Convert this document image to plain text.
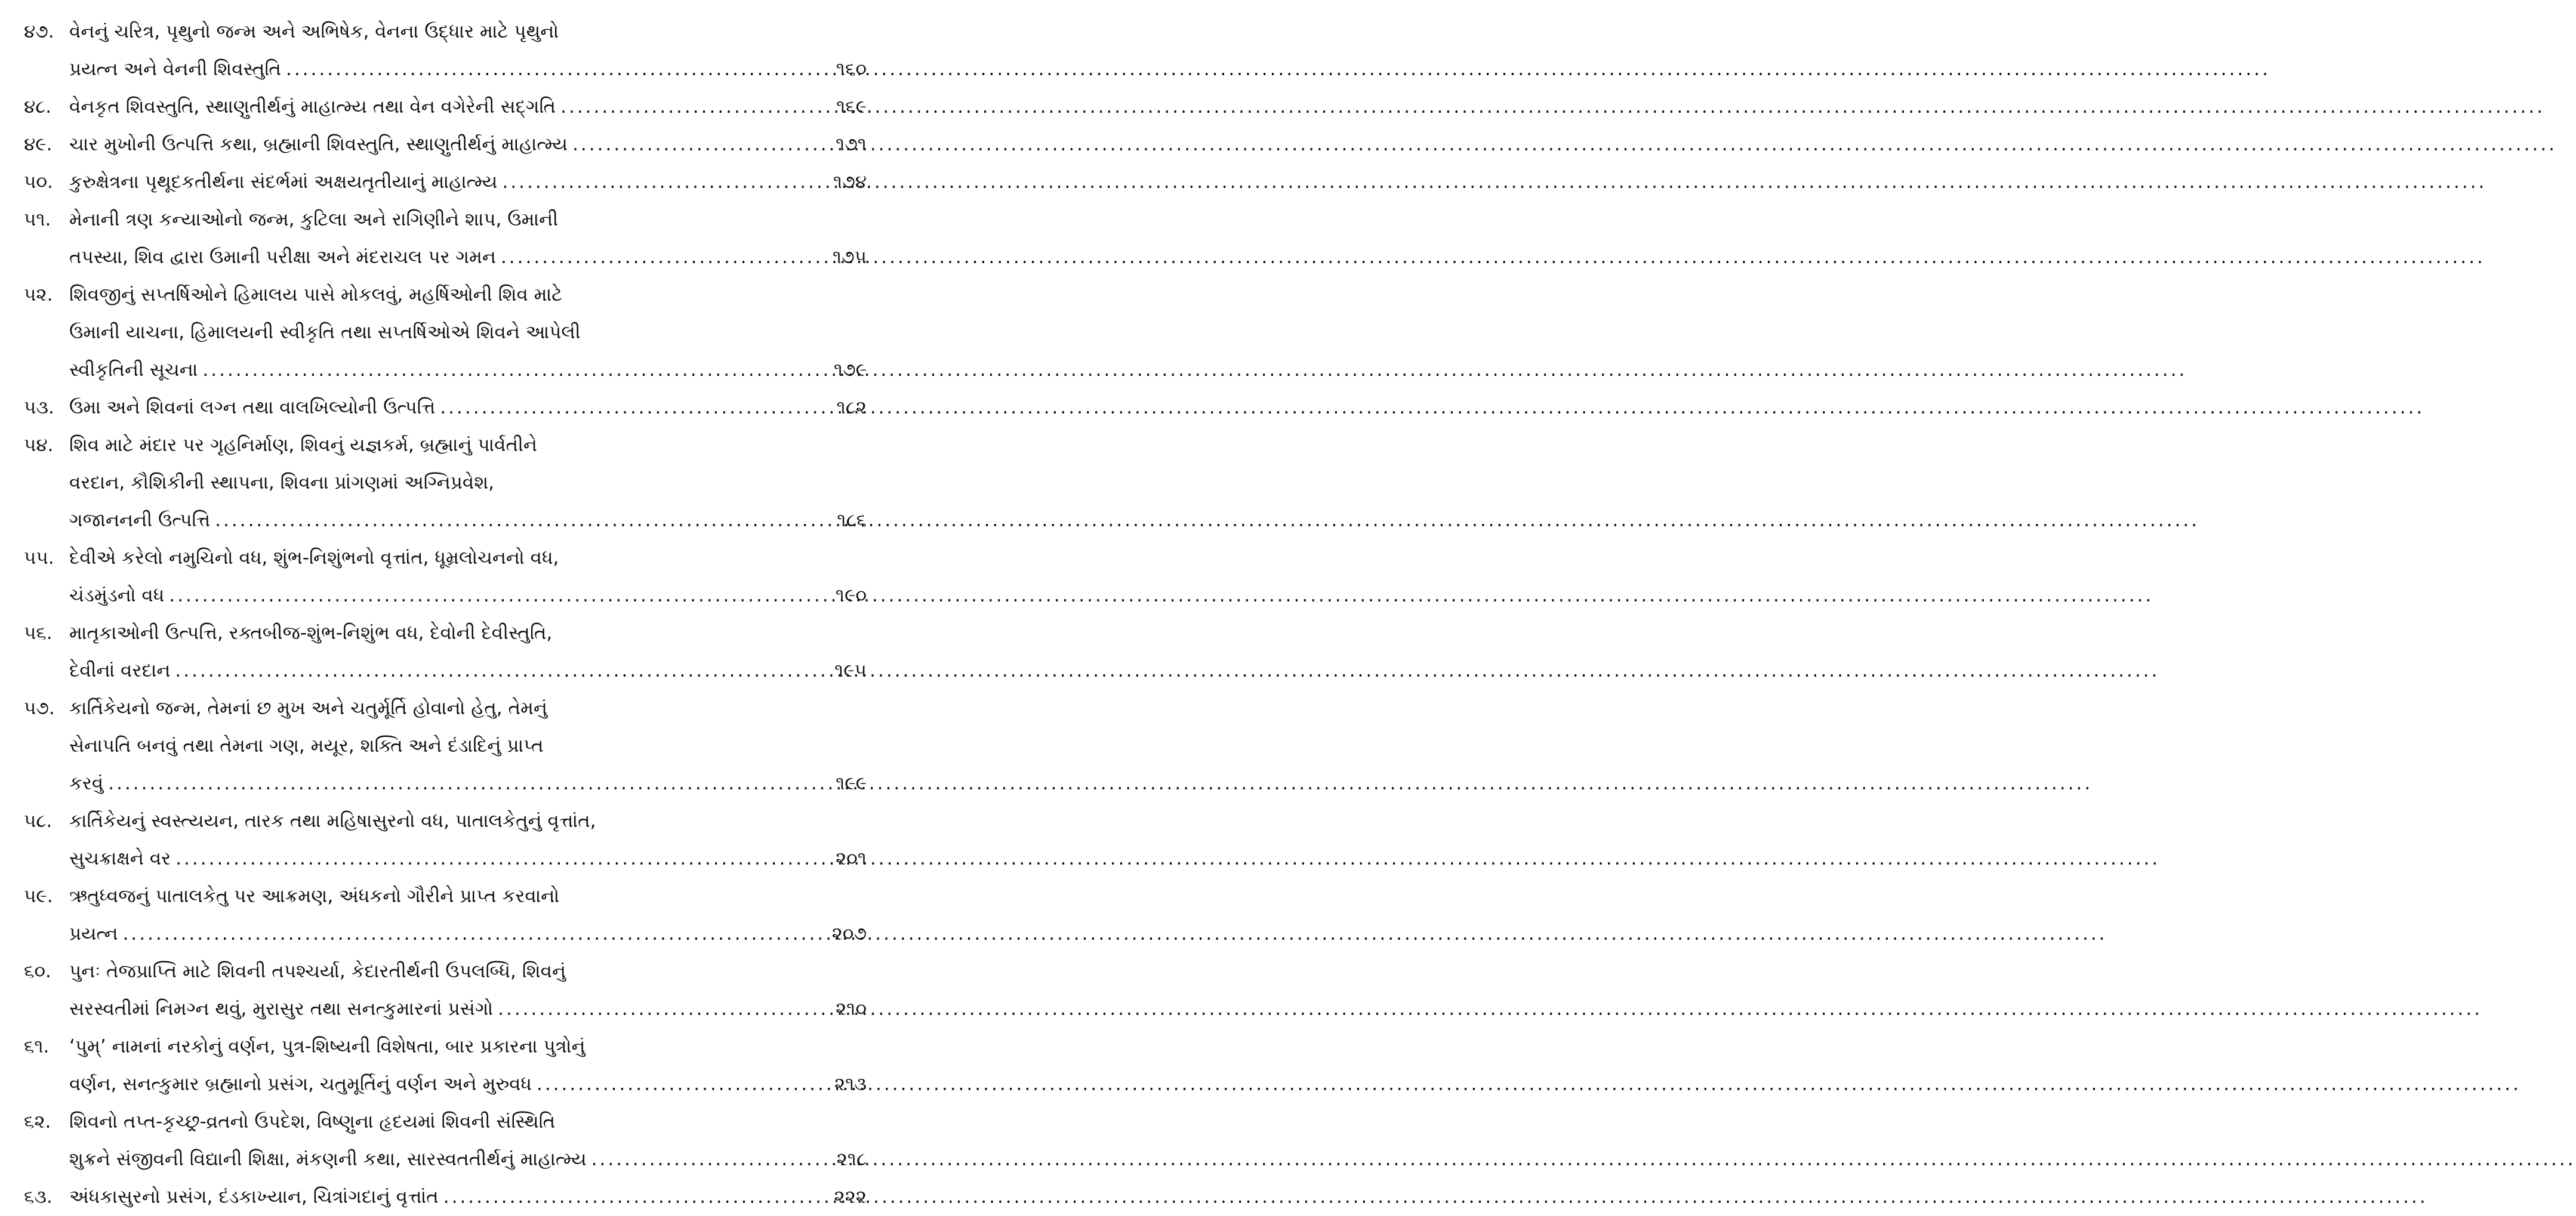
૪૭. વેનનું ચરિત્ર, પૃથુનો જન્મ અને અભિષેક, વેનના ઉદ્ધાર માટે પૃથુનો
પ્રયત્ન અને વેનની શિવસ્તુતિ .....	૧૬૦
૪૮. વેનકૃત શિવસ્તુતિ, સ્થાણુતીર્થનું માહાત્મ્ય તથા વેન વગેરેની સદ્ગતિ .....	૧૬૯
૪૯. ચાર મુખોની ઉત્પત્તિ કથા, બ્રહ્માની શિવસ્તુતિ, સ્થાણુતીર્થનું માહાત્મ્ય .....	૧૭૧
૫૦. કુરુક્ષેત્રના પૃથૂદકતીર્થના સંદર્ભમાં અક્ષયતૃતીયાનું માહાત્મ્ય .....	૧૭૪
૫૧. મેનાની ત્રણ કન્યાઓનો જન્મ, કુટિલા અને રાગિણીને શાપ, ઉમાની
તપસ્યા, શિવ દ્વારા ઉમાની પરીક્ષા અને મંદરાચલ પર ગમન .....	૧૭૫
૫૨. શિવજીનું સપ્તર્ષિઓને હિમાલય પાસે મોકલવું, મહર્ષિઓની શિવ માટે
ઉમાની યાચના, હિમાલયની સ્વીકૃતિ તથા સપ્તર્ષિઓએ શિવને આપેલી
સ્વીકૃતિની સૂચના .....	૧૭૯
૫૩. ઉમા અને શિવનાં લગ્ન તથા વાલખિલ્યોની ઉત્પત્તિ .....	૧૮૨
૫૪. શિવ માટે મંદાર પર ગૃહનિર્માણ, શિવનું યજ્ઞકર્મ, બ્રહ્માનું પાર્વતીને
વરદાન, કૌશિકીની સ્થાપના, શિવના પ્રાંગણમાં અગ્નિપ્રવેશ,
ગજાનનની ઉત્પત્તિ .....	૧૮૬
૫૫. દેવીએ કરેલો નમુચિનો વધ, શુંભ-નિશુંભનો વૃત્તાંત, ધૂમ્રલોચનનો વધ,
ચંડમુંડનો વધ .....	૧૯૦
૫૬. માતૃકાઓની ઉત્પત્તિ, રક્તબીજ-શુંભ-નિશુંભ વધ, દેવોની દેવીસ્તુતિ,
દેવીનાં વરદાન .....	૧૯૫
૫૭. કાર્તિકેયનો જન્મ, તેમનાં છ મુખ અને ચતુર્મૂર્તિ હોવાનો હેતુ, તેમનું
સેનાપતિ બનવું તથા તેમના ગણ, મયૂર, શક્તિ અને દંડાદિનું પ્રાપ્ત
કરવું .....	૧૯૯
૫૮. કાર્તિકેયનું સ્વસ્ત્યયન, તારક તથા મહિષાસુરનો વધ, પાતાલકેતુનું વૃત્તાંત,
સુચક્રાક્ષને વર .....	૨૦૧
૫૯. ઋતુધ્વજનું પાતાલકેતુ પર આક્રમણ, અંધકનો ગૌરીને પ્રાપ્ત કરવાનો
પ્રયત્ન .....	૨૦૭
૬૦. પુનઃ તેજપ્રાપ્તિ માટે શિવની તપશ્ચર્યા, કેદારતીર્થની ઉપલબ્ધિ, શિવનું
સરસ્વતીમાં નિમગ્ન થવું, મુરાસુર તથા સનત્કુમારનાં પ્રસંગો .....	૨૧૦
૬૧.	‘પુમ્’ નામનાં નરકોનું વર્ણન, પુત્ર-શિષ્યની વિશેષતા, બાર પ્રકારના પુત્રોનું
વર્ણન, સનત્કુમાર બ્રહ્માનો પ્રસંગ, ચતુમૂર્તિનું વર્ણન અને મુરુવધ .....	૨૧૩
૬૨. શિવનો તપ્ત-કૃચ્છ્ર-વ્રતનો ઉપદેશ, વિષ્ણુના હૃદયમાં શિવની સંસ્થિતિ
શુક્રને સંજીવની વિદ્યાની શિક્ષા, મંકણની કથા, સારસ્વતતીર્થનું માહાત્મ્ય .....	૨૧૮
૬૩. અંધકાસુરનો પ્રસંગ, દંડકાખ્યાન, ચિત્રાંગદાનું વૃત્તાંત .....	૨૨૨
